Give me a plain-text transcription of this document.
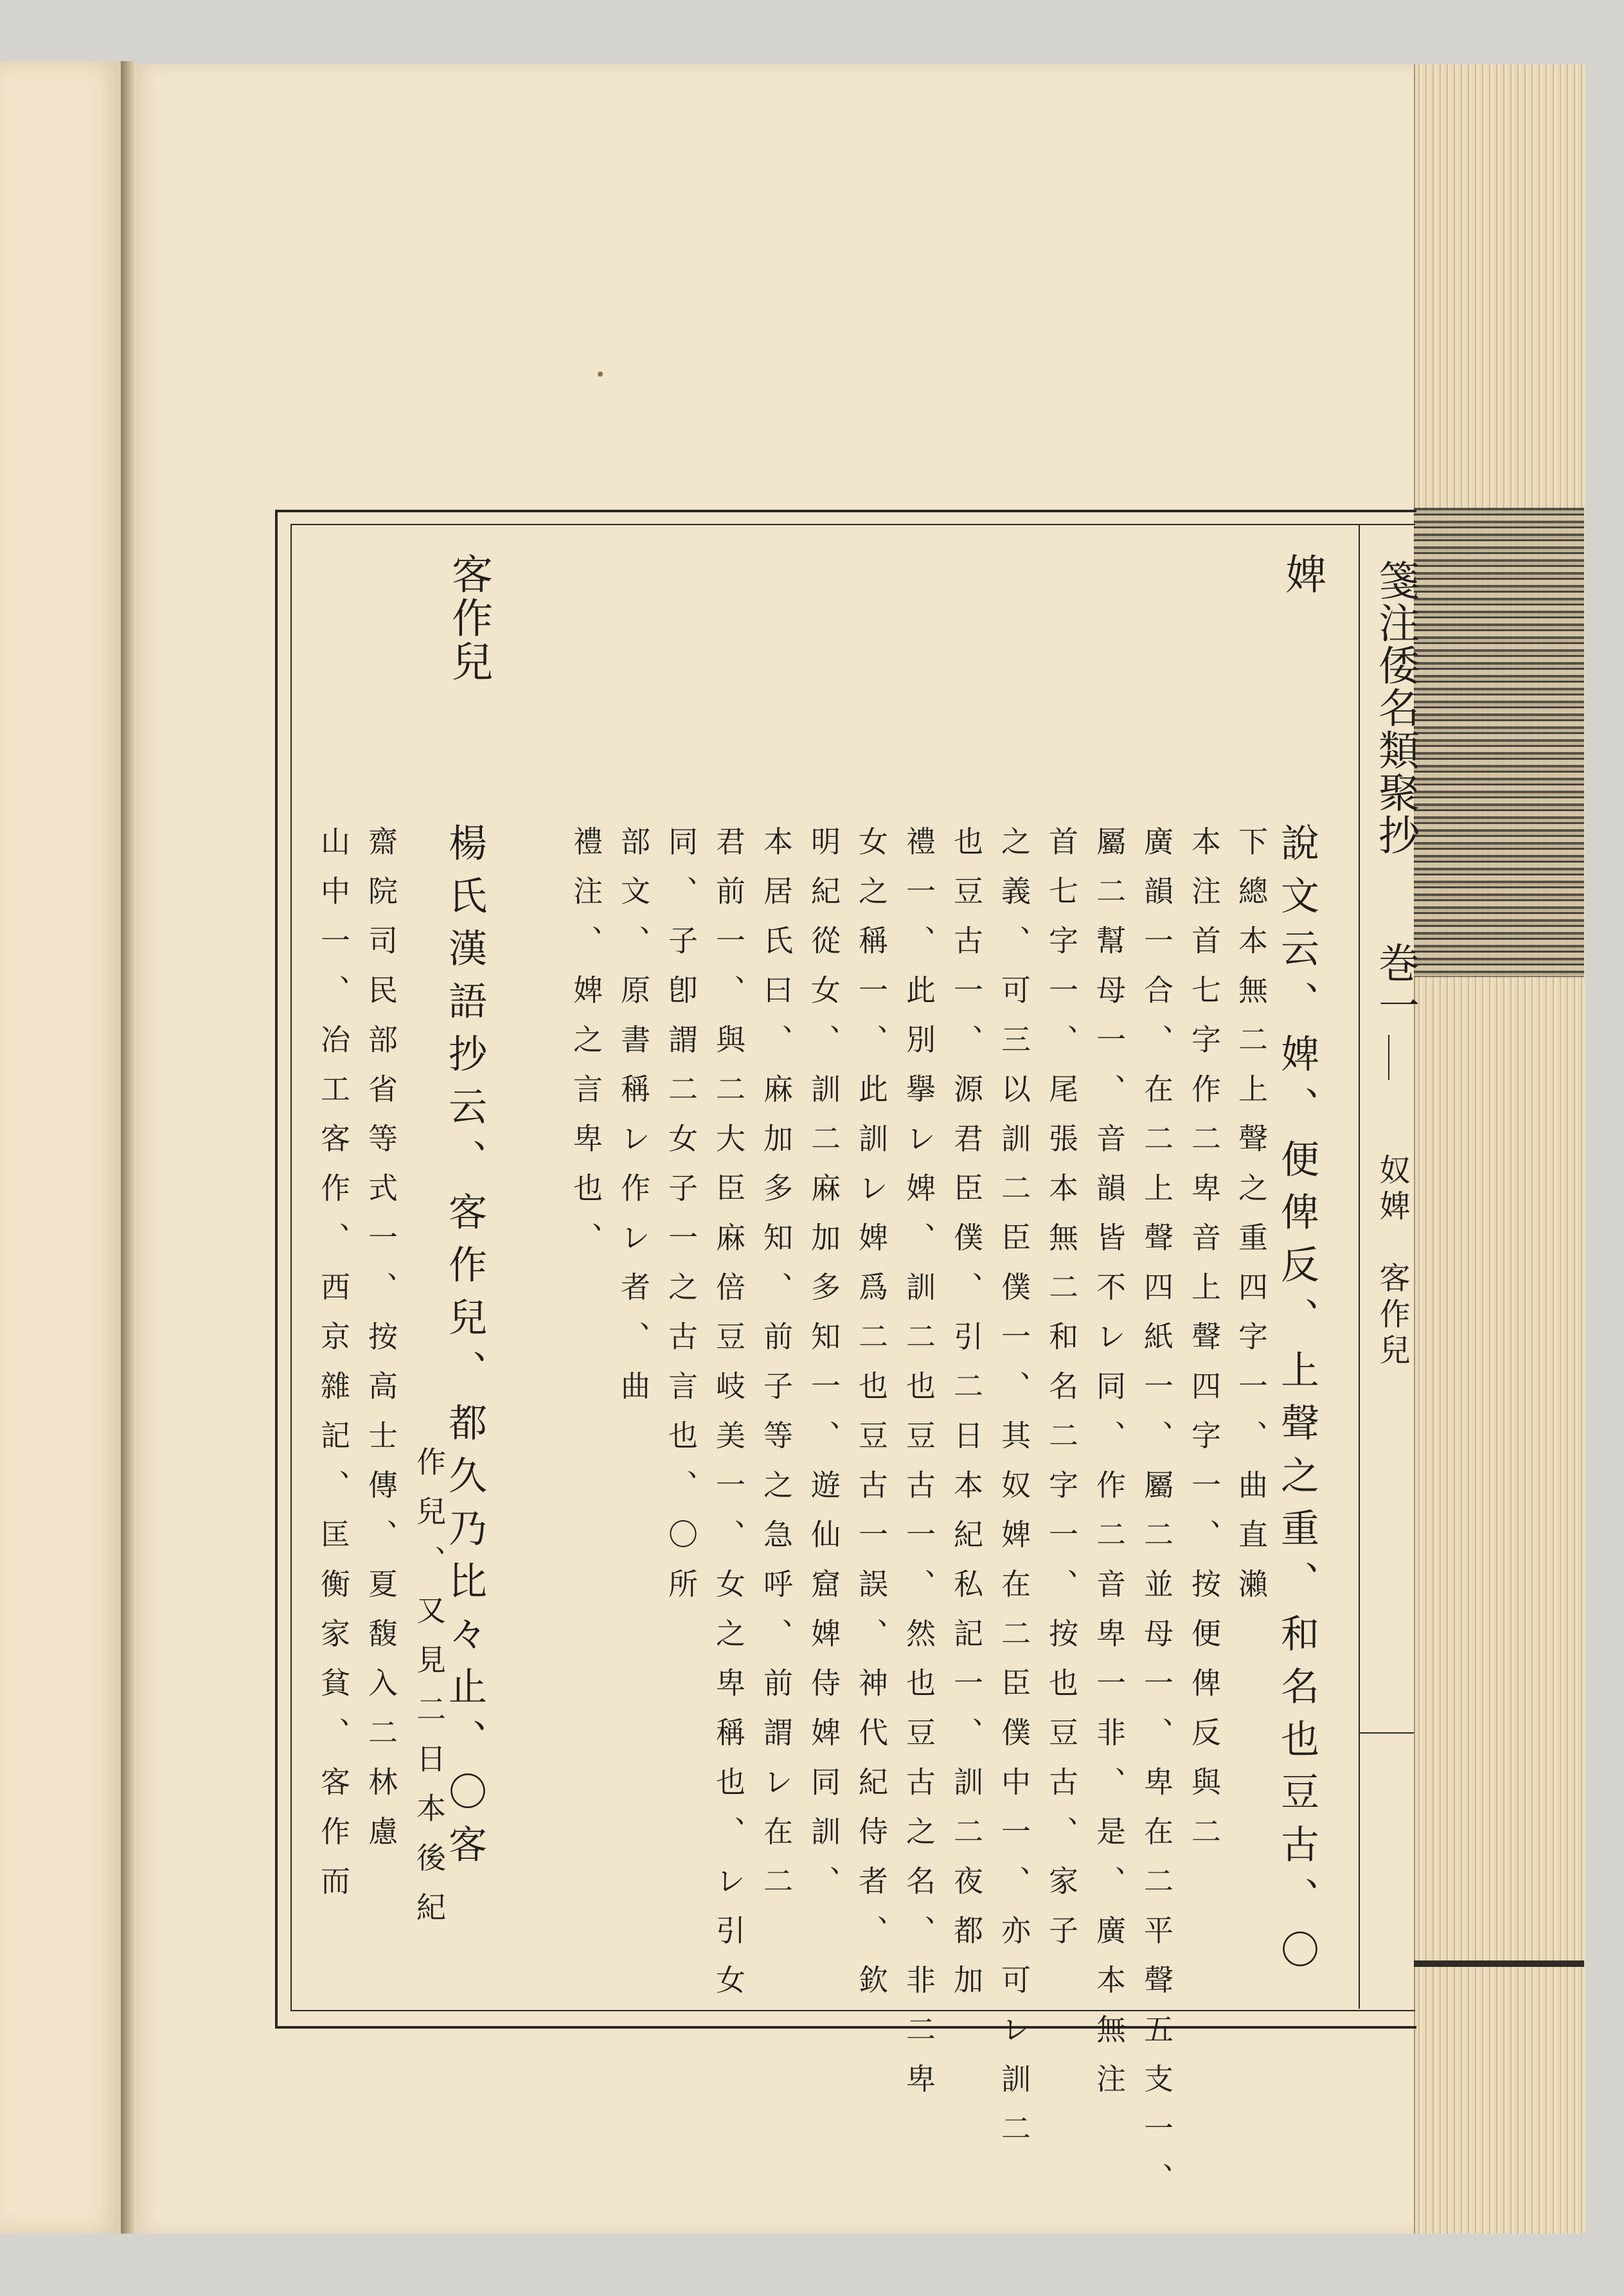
箋注倭名類聚抄

巻一

奴婢　客作兒

婢

說文云、婢、便俾反、上聲之重、和名也豆古、〇

下總本無二上聲之重四字一、曲直瀨

本注首七字作二卑音上聲四字一、按便俾反與二

廣韻一合、在二上聲四紙一、屬二並母一、卑在二平聲五支一、

屬二幫母一、音韻皆不レ同、作二音卑一非、是、廣本無注

首七字一、尾張本無二和名二字一、按也豆古、家子

之義、可三以訓二臣僕一、其奴婢在二臣僕中一、亦可レ訓二

也豆古一、源君臣僕、引二日本紀私記一、訓二夜都加

禮一、此別擧レ婢、訓二也豆古一、然也豆古之名、非二卑

女之稱一、此訓レ婢爲二也豆古一誤、神代紀侍者、欽

明紀從女、訓二麻加多知一、遊仙窟婢侍婢同訓、

本居氏曰、麻加多知、前子等之急呼、前謂レ在二

君前一、與二大臣麻倍豆岐美一、女之卑稱也、レ引女

同、子卽謂二女子一之古言也、〇所

部文、原書稱レ作レ者、曲

禮注、婢之言卑也、

客作兒

楊氏漢語抄云、客作兒、都久乃比々止、〇客

作兒、又見二日本後紀

齋院司民部省等式一、按高士傳、夏馥入二林慮

山中一、冶工客作、西京雜記、匡衡家貧、客作而
